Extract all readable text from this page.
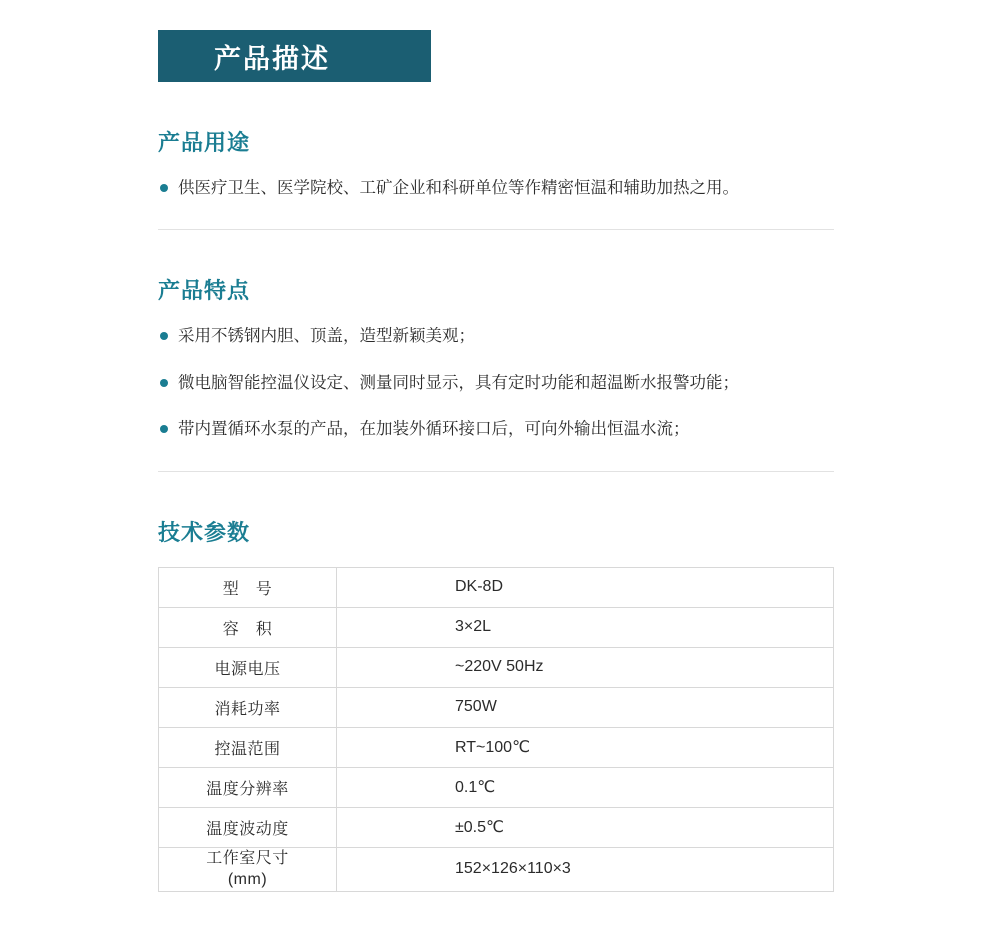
产品描述
产品用途
供医疗卫生、医学院校、工矿企业和科研单位等作精密恒温和辅助加热之用。
产品特点
采用不锈钢内胆、顶盖，造型新颖美观；
微电脑智能控温仪设定、测量同时显示，具有定时功能和超温断水报警功能；
带内置循环水泵的产品，在加装外循环接口后，可向外输出恒温水流；
技术参数
型　号	DK-8D

容　积	3×2L

电源电压	~220V 50Hz

消耗功率	750W

控温范围	RT~100℃

温度分辨率	0.1℃

温度波动度	±0.5℃

工作室尺寸
(mm)	152×126×110×3
